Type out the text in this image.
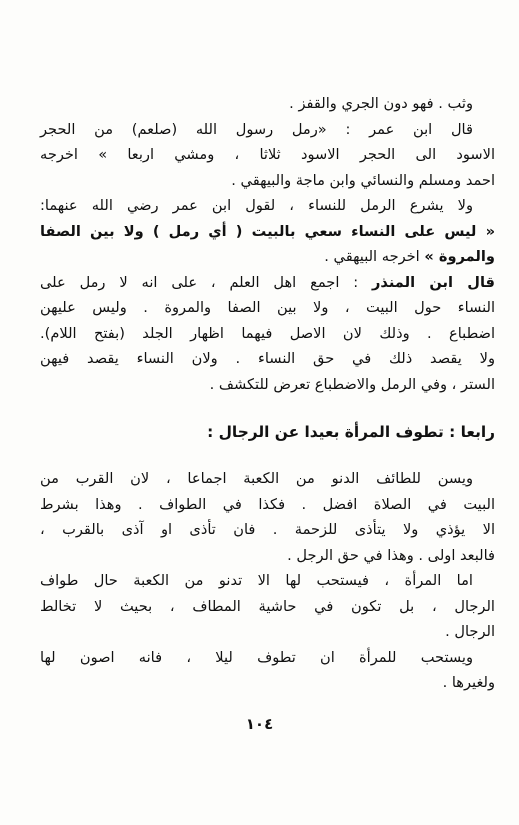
وثب . فهو دون الجري والقفز .
قال ابن عمر : «رمل رسول الله (صلعم) من الحجر
الاسود الى الحجر الاسود ثلاثا ، ومشي اربعا » اخرجه
احمد ومسلم والنسائي وابن ماجة والبيهقي .
ولا يشرع الرمل للنساء ، لقول ابن عمر رضي الله عنهما:
« ليس على النساء سعي بالبيت ( أي رمل ) ولا بين الصفا
والمروة » اخرجه البيهقي .
قال ابن المنذر : اجمع اهل العلم ، على انه لا رمل على
النساء حول البيت ، ولا بين الصفا والمروة . وليس عليهن
اضطباع . وذلك لان الاصل فيهما اظهار الجلد (بفتح اللام).
ولا يقصد ذلك في حق النساء . ولان النساء يقصد فيهن
الستر ، وفي الرمل والاضطباع تعرض للتكشف .
رابعا : تطوف المرأة بعيدا عن الرجال :
ويسن للطائف الدنو من الكعبة اجماعا ، لان القرب من
البيت في الصلاة افضل . فكذا في الطواف . وهذا بشرط
الا يؤذي ولا يتأذى للزحمة . فان تأذى او آذى بالقرب ،
فالبعد اولى . وهذا في حق الرجل .
اما المرأة ، فيستحب لها الا تدنو من الكعبة حال طواف
الرجال ، بل تكون في حاشية المطاف ، بحيث لا تخالط
الرجال .
ويستحب للمرأة ان تطوف ليلا ، فانه اصون لها
ولغيرها .
١٠٤
